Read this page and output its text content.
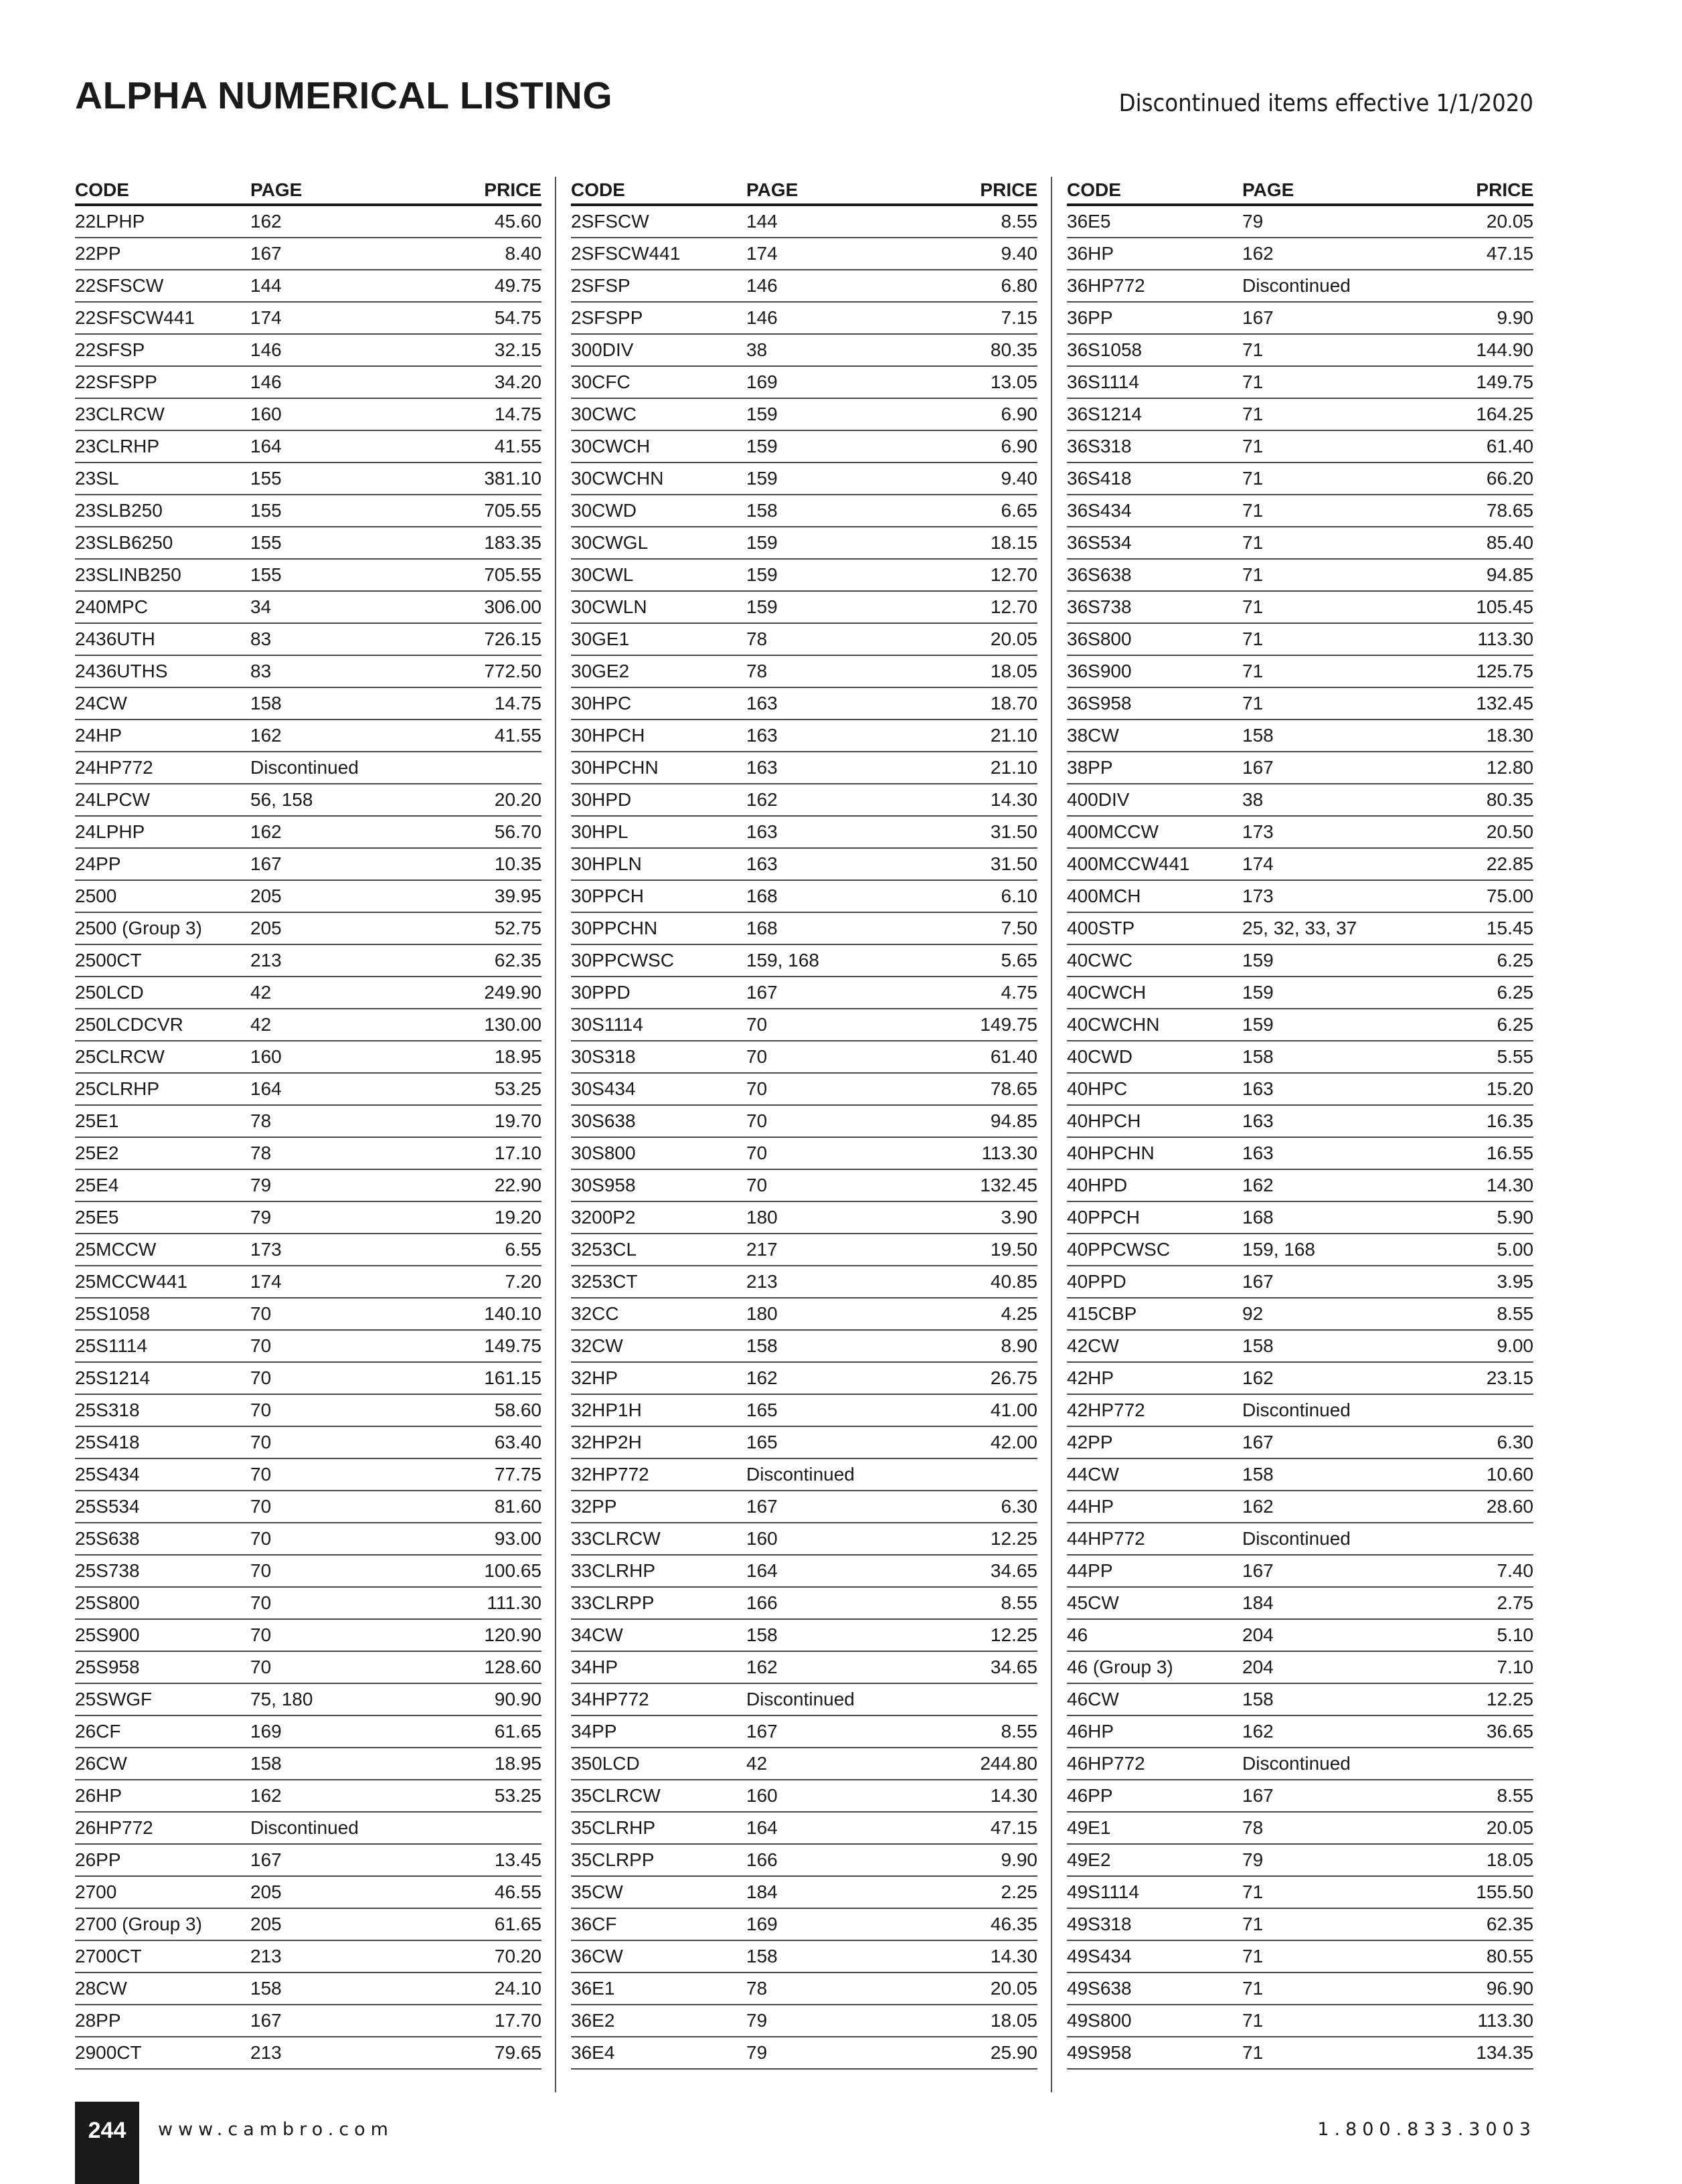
ALPHA NUMERICAL LISTING	Discontinued items effective 1/1/2020
CODE	PAGE	PRICE
22LPHP	162	45.60
22PP	167	8.40
22SFSCW	144	49.75
22SFSCW441	174	54.75
22SFSP	146	32.15
22SFSPP	146	34.20
23CLRCW	160	14.75
23CLRHP	164	41.55
23SL	155	381.10
23SLB250	155	705.55
23SLB6250	155	183.35
23SLINB250	155	705.55
240MPC	34	306.00
2436UTH	83	726.15
2436UTHS	83	772.50
24CW	158	14.75
24HP	162	41.55
24HP772	Discontinued
24LPCW	56, 158	20.20
24LPHP	162	56.70
24PP	167	10.35
2500	205	39.95
2500 (Group 3)	205	52.75
2500CT	213	62.35
250LCD	42	249.90
250LCDCVR	42	130.00
25CLRCW	160	18.95
25CLRHP	164	53.25
25E1	78	19.70
25E2	78	17.10
25E4	79	22.90
25E5	79	19.20
25MCCW	173	6.55
25MCCW441	174	7.20
25S1058	70	140.10
25S1114	70	149.75
25S1214	70	161.15
25S318	70	58.60
25S418	70	63.40
25S434	70	77.75
25S534	70	81.60
25S638	70	93.00
25S738	70	100.65
25S800	70	111.30
25S900	70	120.90
25S958	70	128.60
25SWGF	75, 180	90.90
26CF	169	61.65
26CW	158	18.95
26HP	162	53.25
26HP772	Discontinued
26PP	167	13.45
2700	205	46.55
2700 (Group 3)	205	61.65
2700CT	213	70.20
28CW	158	24.10
28PP	167	17.70
2900CT	213	79.65
CODE	PAGE	PRICE
2SFSCW	144	8.55
2SFSCW441	174	9.40
2SFSP	146	6.80
2SFSPP	146	7.15
300DIV	38	80.35
30CFC	169	13.05
30CWC	159	6.90
30CWCH	159	6.90
30CWCHN	159	9.40
30CWD	158	6.65
30CWGL	159	18.15
30CWL	159	12.70
30CWLN	159	12.70
30GE1	78	20.05
30GE2	78	18.05
30HPC	163	18.70
30HPCH	163	21.10
30HPCHN	163	21.10
30HPD	162	14.30
30HPL	163	31.50
30HPLN	163	31.50
30PPCH	168	6.10
30PPCHN	168	7.50
30PPCWSC	159, 168	5.65
30PPD	167	4.75
30S1114	70	149.75
30S318	70	61.40
30S434	70	78.65
30S638	70	94.85
30S800	70	113.30
30S958	70	132.45
3200P2	180	3.90
3253CL	217	19.50
3253CT	213	40.85
32CC	180	4.25
32CW	158	8.90
32HP	162	26.75
32HP1H	165	41.00
32HP2H	165	42.00
32HP772	Discontinued
32PP	167	6.30
33CLRCW	160	12.25
33CLRHP	164	34.65
33CLRPP	166	8.55
34CW	158	12.25
34HP	162	34.65
34HP772	Discontinued
34PP	167	8.55
350LCD	42	244.80
35CLRCW	160	14.30
35CLRHP	164	47.15
35CLRPP	166	9.90
35CW	184	2.25
36CF	169	46.35
36CW	158	14.30
36E1	78	20.05
36E2	79	18.05
36E4	79	25.90
CODE	PAGE	PRICE
36E5	79	20.05
36HP	162	47.15
36HP772	Discontinued
36PP	167	9.90
36S1058	71	144.90
36S1114	71	149.75
36S1214	71	164.25
36S318	71	61.40
36S418	71	66.20
36S434	71	78.65
36S534	71	85.40
36S638	71	94.85
36S738	71	105.45
36S800	71	113.30
36S900	71	125.75
36S958	71	132.45
38CW	158	18.30
38PP	167	12.80
400DIV	38	80.35
400MCCW	173	20.50
400MCCW441	174	22.85
400MCH	173	75.00
400STP	25, 32, 33, 37	15.45
40CWC	159	6.25
40CWCH	159	6.25
40CWCHN	159	6.25
40CWD	158	5.55
40HPC	163	15.20
40HPCH	163	16.35
40HPCHN	163	16.55
40HPD	162	14.30
40PPCH	168	5.90
40PPCWSC	159, 168	5.00
40PPD	167	3.95
415CBP	92	8.55
42CW	158	9.00
42HP	162	23.15
42HP772	Discontinued
42PP	167	6.30
44CW	158	10.60
44HP	162	28.60
44HP772	Discontinued
44PP	167	7.40
45CW	184	2.75
46	204	5.10
46 (Group 3)	204	7.10
46CW	158	12.25
46HP	162	36.65
46HP772	Discontinued
46PP	167	8.55
49E1	78	20.05
49E2	79	18.05
49S1114	71	155.50
49S318	71	62.35
49S434	71	80.55
49S638	71	96.90
49S800	71	113.30
49S958	71	134.35
244	www.cambro.com	1.800.833.3003
